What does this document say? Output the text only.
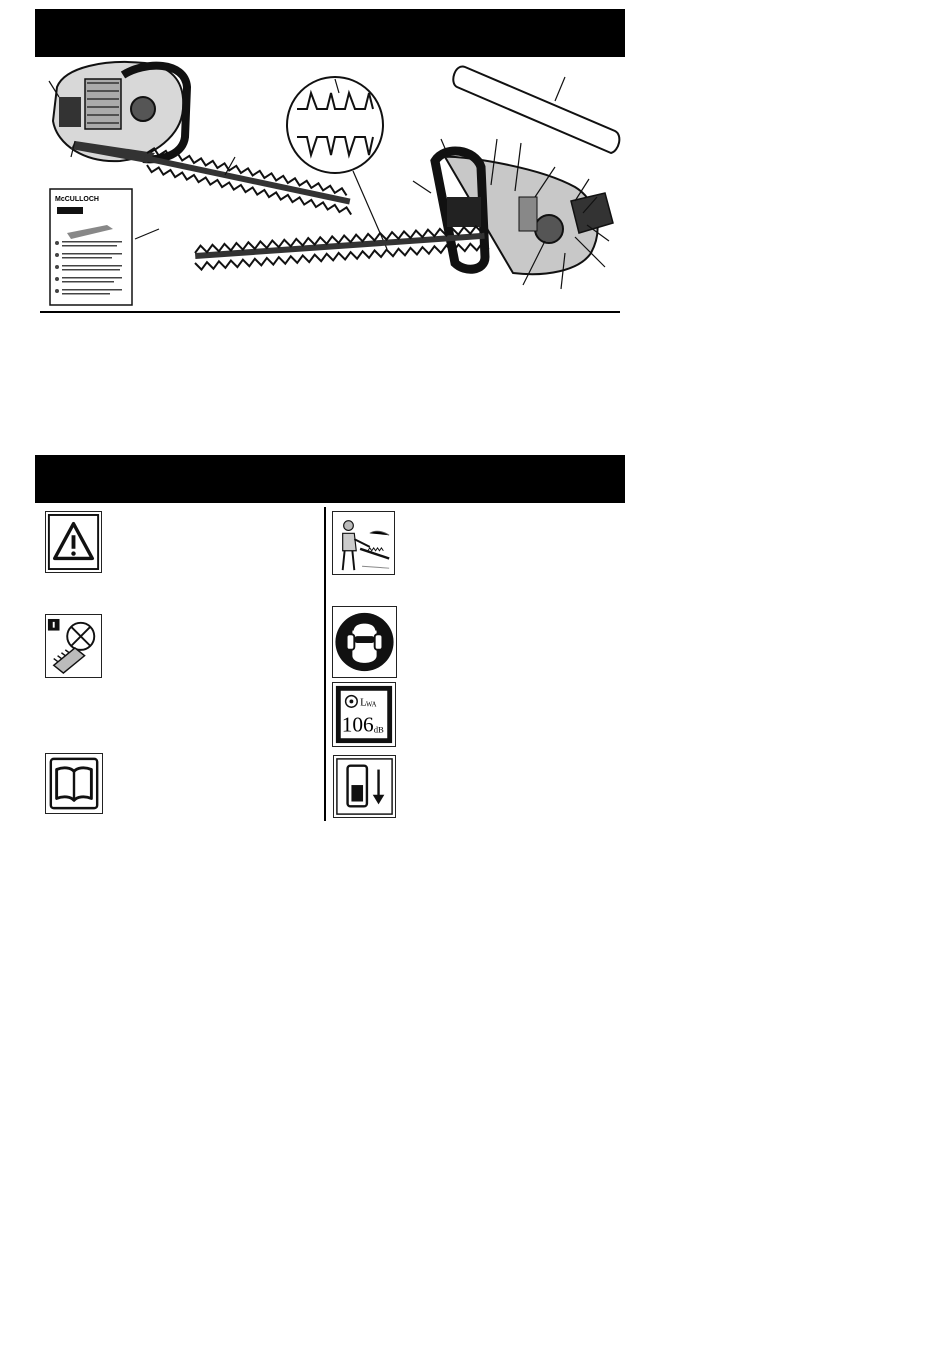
McCULLOCH
L WA
106 dB
